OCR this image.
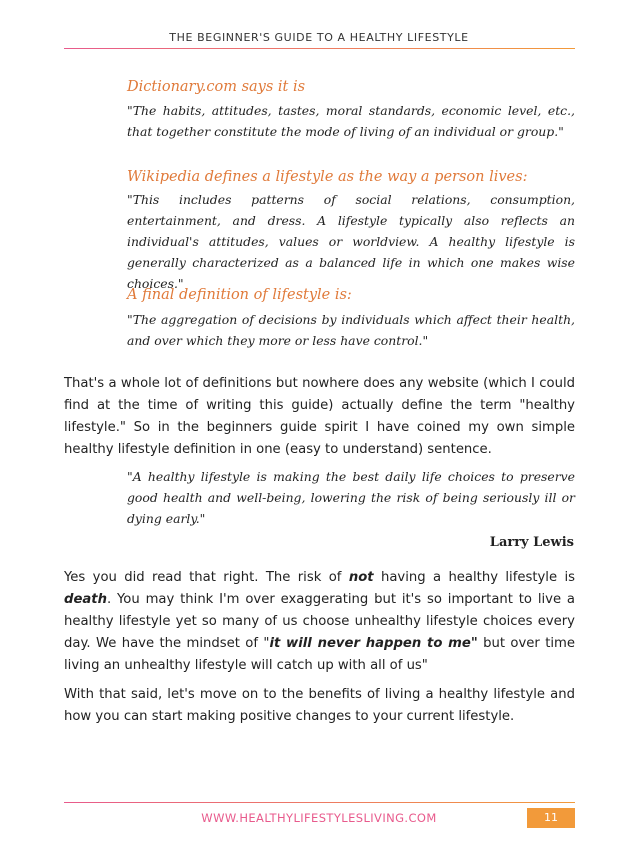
THE BEGINNER'S GUIDE TO A HEALTHY LIFESTYLE

Dictionary.com says it is

"The habits, attitudes, tastes, moral standards, economic level, etc., that together constitute the mode of living of an individual or group."

Wikipedia defines a lifestyle as the way a person lives:

"This includes patterns of social relations, consumption, entertainment, and dress. A lifestyle typically also reflects an individual's attitudes, values or worldview. A healthy lifestyle is generally characterized as a balanced life in which one makes wise choices."

A final definition of lifestyle is:

"The aggregation of decisions by individuals which affect their health, and over which they more or less have control."

That's a whole lot of definitions but nowhere does any website (which I could find at the time of writing this guide) actually define the term "healthy lifestyle." So in the beginners guide spirit I have coined my own simple healthy lifestyle definition in one (easy to understand) sentence.

"A healthy lifestyle is making the best daily life choices to preserve good health and well-being, lowering the risk of being seriously ill or dying early."

Larry Lewis

Yes you did read that right. The risk of not having a healthy lifestyle is death. You may think I'm over exaggerating but it's so important to live a healthy lifestyle yet so many of us choose unhealthy lifestyle choices every day. We have the mindset of "it will never happen to me" but over time living an unhealthy lifestyle will catch up with all of us"

With that said, let's move on to the benefits of living a healthy lifestyle and how you can start making positive changes to your current lifestyle.

WWW.HEALTHYLIFESTYLESLIVING.COM	11
